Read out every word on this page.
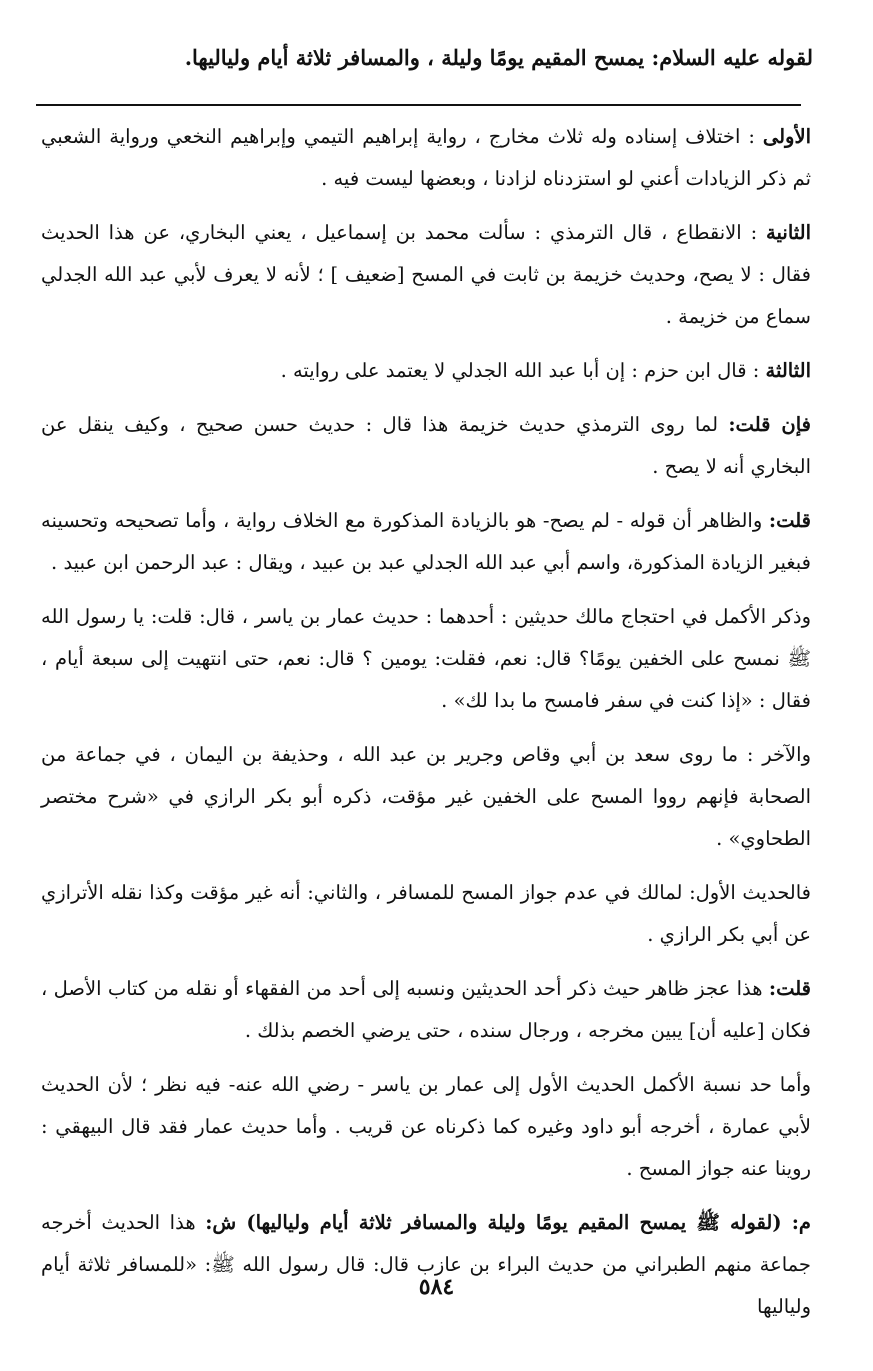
لقوله عليه السلام: يمسح المقيم يومًا وليلة ، والمسافر ثلاثة أيام ولياليها.

الأولى : اختلاف إسناده وله ثلاث مخارج ، رواية إبراهيم التيمي وإبراهيم النخعي ورواية الشعبي ثم ذكر الزيادات أعني لو استزدناه لزادنا ، وبعضها ليست فيه .

الثانية : الانقطاع ، قال الترمذي : سألت محمد بن إسماعيل ، يعني البخاري، عن هذا الحديث فقال : لا يصح، وحديث خزيمة بن ثابت في المسح [ضعيف ] ؛ لأنه لا يعرف لأبي عبد الله الجدلي سماع من خزيمة .

الثالثة : قال ابن حزم : إن أبا عبد الله الجدلي لا يعتمد على روايته .

فإن قلت: لما روى الترمذي حديث خزيمة هذا قال : حديث حسن صحيح ، وكيف ينقل عن البخاري أنه لا يصح .

قلت: والظاهر أن قوله - لم يصح- هو بالزيادة المذكورة مع الخلاف رواية ، وأما تصحيحه وتحسينه فبغير الزيادة المذكورة، واسم أبي عبد الله الجدلي عبد بن عبيد ، ويقال : عبد الرحمن ابن عبيد .

وذكر الأكمل في احتجاج مالك حديثين : أحدهما : حديث عمار بن ياسر ، قال: قلت: يا رسول الله ﷺ نمسح على الخفين يومًا؟ قال: نعم، فقلت: يومين ؟ قال: نعم، حتى انتهيت إلى سبعة أيام ، فقال : «إذا كنت في سفر فامسح ما بدا لك» .

والآخر : ما روى سعد بن أبي وقاص وجرير بن عبد الله ، وحذيفة بن اليمان ، في جماعة من الصحابة فإنهم رووا المسح على الخفين غير مؤقت، ذكره أبو بكر الرازي في «شرح مختصر الطحاوي» .

فالحديث الأول: لمالك في عدم جواز المسح للمسافر ، والثاني: أنه غير مؤقت وكذا نقله الأترازي عن أبي بكر الرازي .

قلت: هذا عجز ظاهر حيث ذكر أحد الحديثين ونسبه إلى أحد من الفقهاء أو نقله من كتاب الأصل ، فكان [عليه أن] يبين مخرجه ، ورجال سنده ، حتى يرضي الخصم بذلك .

وأما حد نسبة الأكمل الحديث الأول إلى عمار بن ياسر - رضي الله عنه- فيه نظر ؛ لأن الحديث لأبي عمارة ، أخرجه أبو داود وغيره كما ذكرناه عن قريب . وأما حديث عمار فقد قال البيهقي : روينا عنه جواز المسح .

م: (لقوله ﷺ يمسح المقيم يومًا وليلة والمسافر ثلاثة أيام ولياليها) ش: هذا الحديث أخرجه جماعة منهم الطبراني من حديث البراء بن عازب قال: قال رسول الله ﷺ: «للمسافر ثلاثة أيام ولياليها

٥٨٤
